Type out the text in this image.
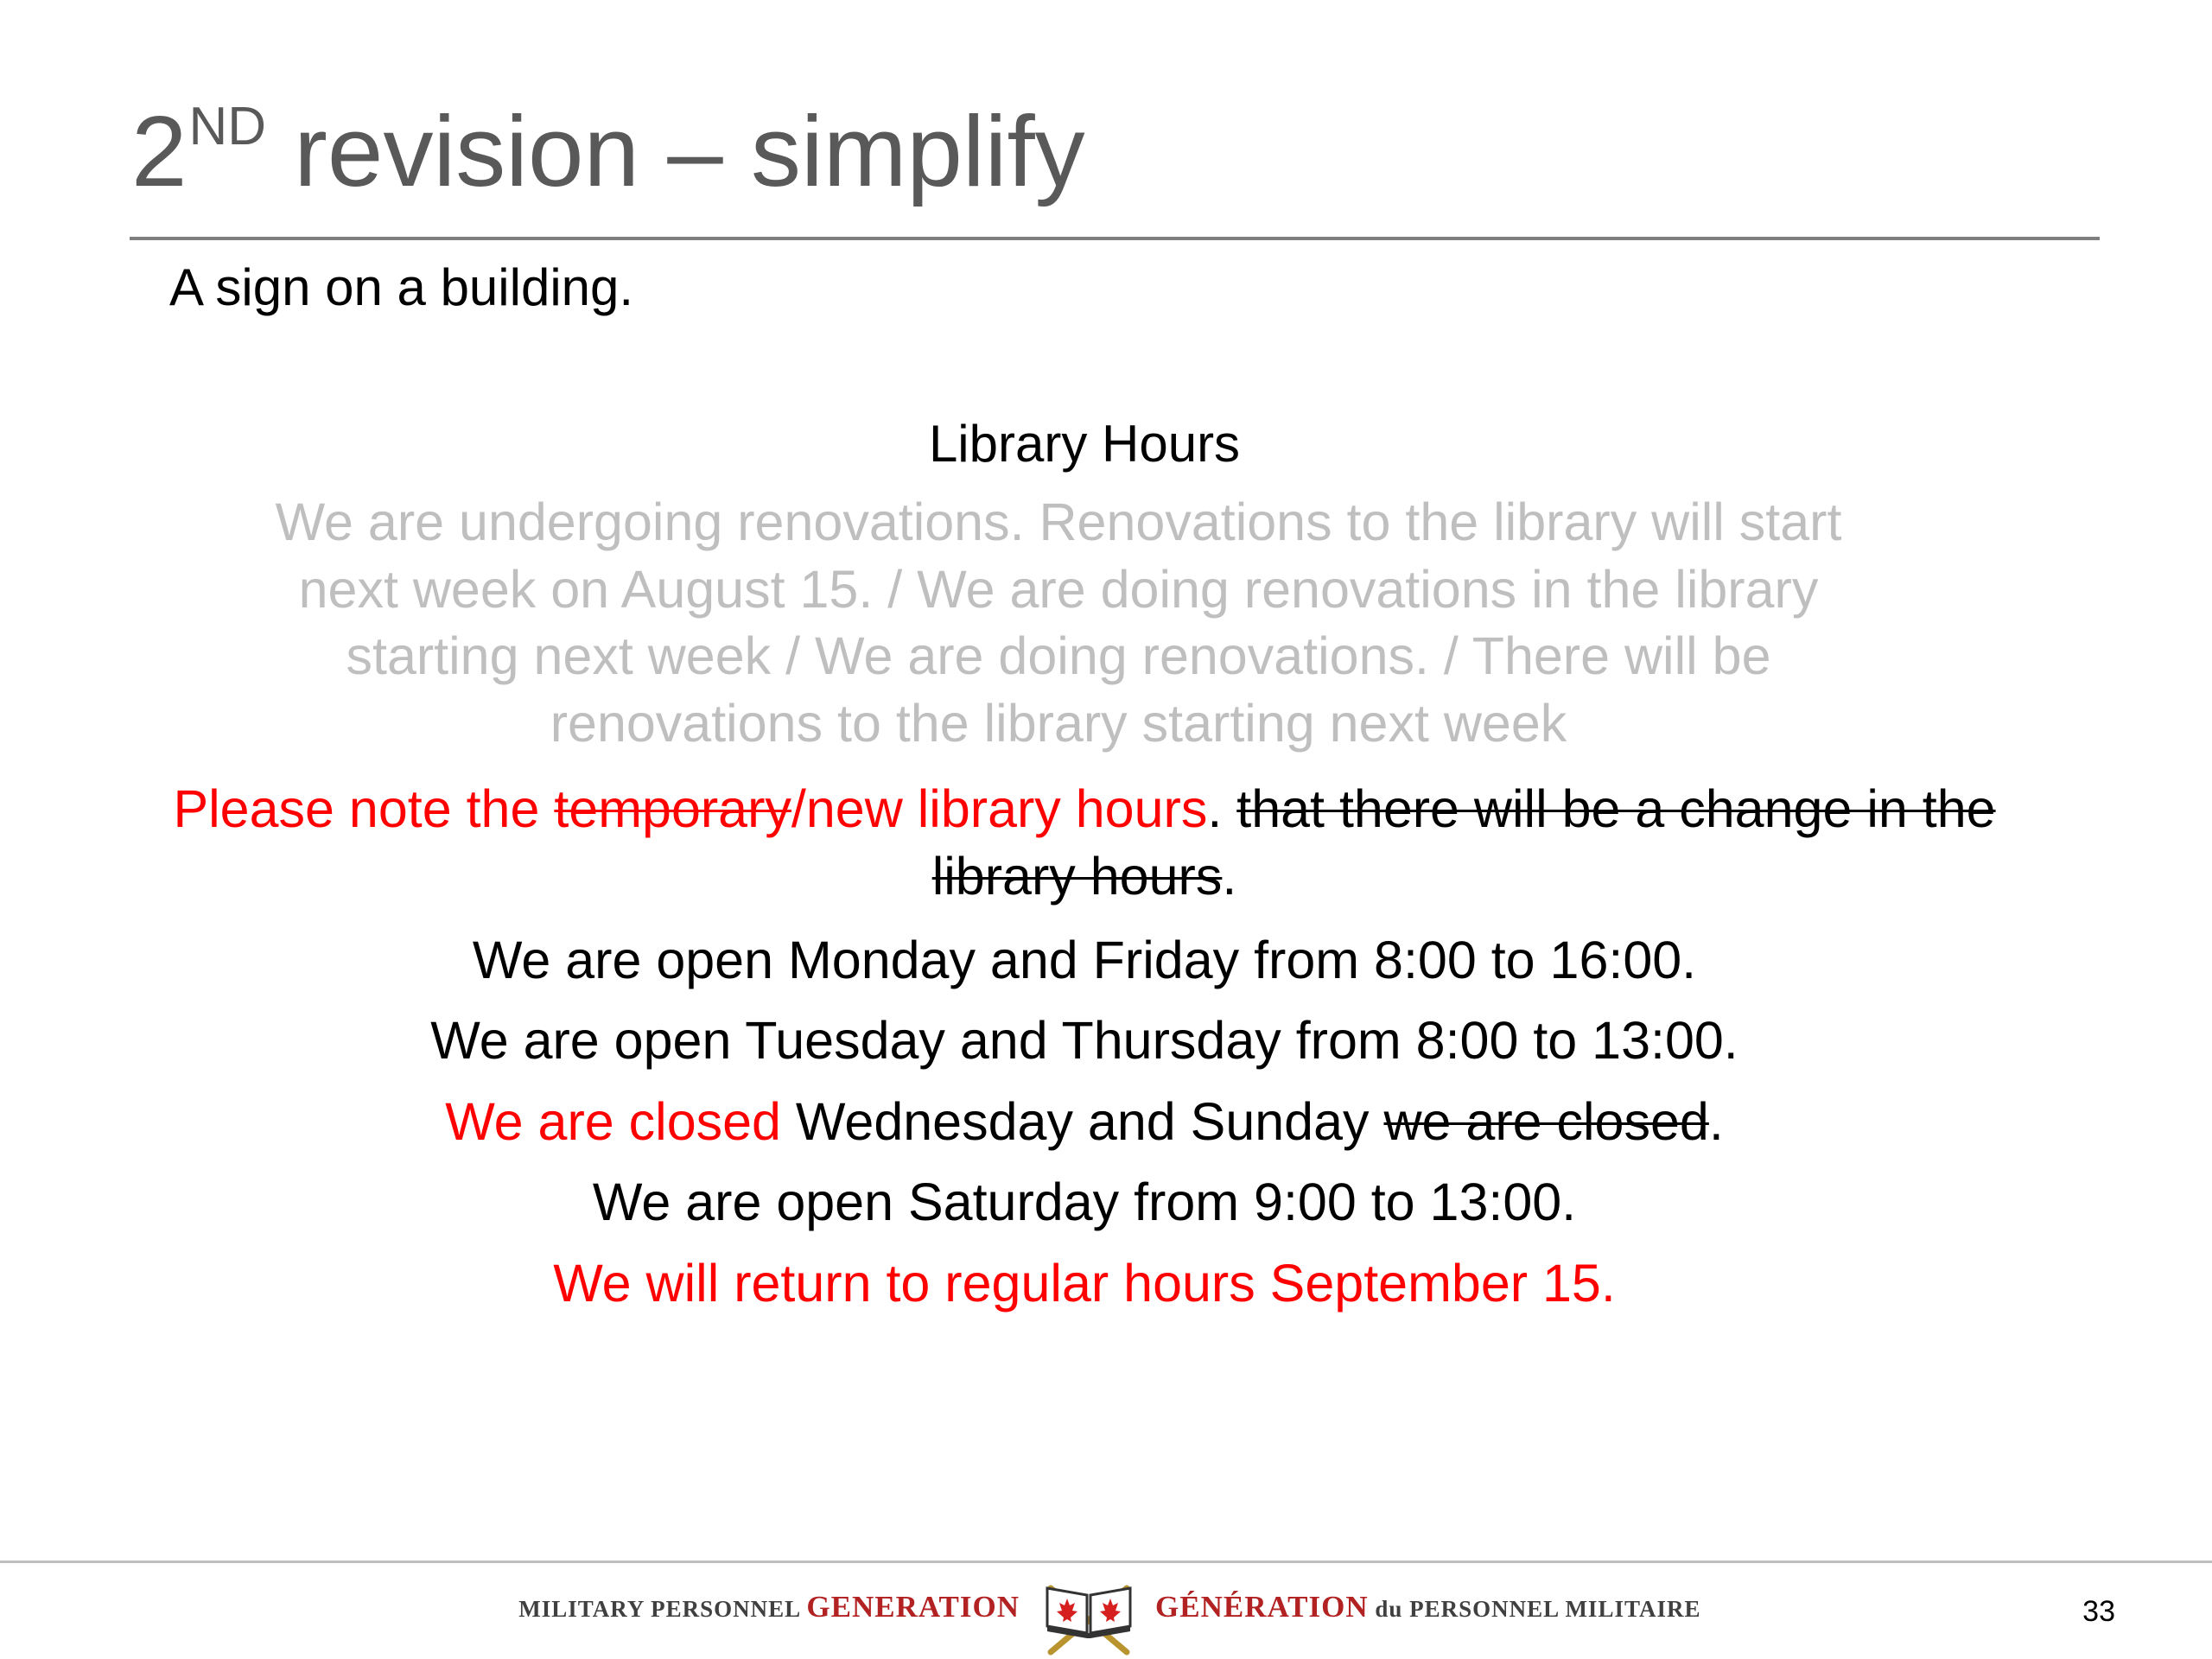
2ND revision – simplify
A sign on a building.

Library Hours

We are undergoing renovations. Renovations to the library will start next week on August 15. / We are doing renovations in the library starting next week / We are doing renovations. / There will be renovations to the library starting next week

Please note the temporary/new library hours. that there will be a change in the library hours.

We are open Monday and Friday from 8:00 to 16:00.

We are open Tuesday and Thursday from 8:00 to 13:00.

We are closed Wednesday and Sunday we are closed.

We are open Saturday from 9:00 to 13:00.

We will return to regular hours September 15.

MILITARY PERSONNEL GENERATION	GÉNÉRATION du PERSONNEL MILITAIRE	33
